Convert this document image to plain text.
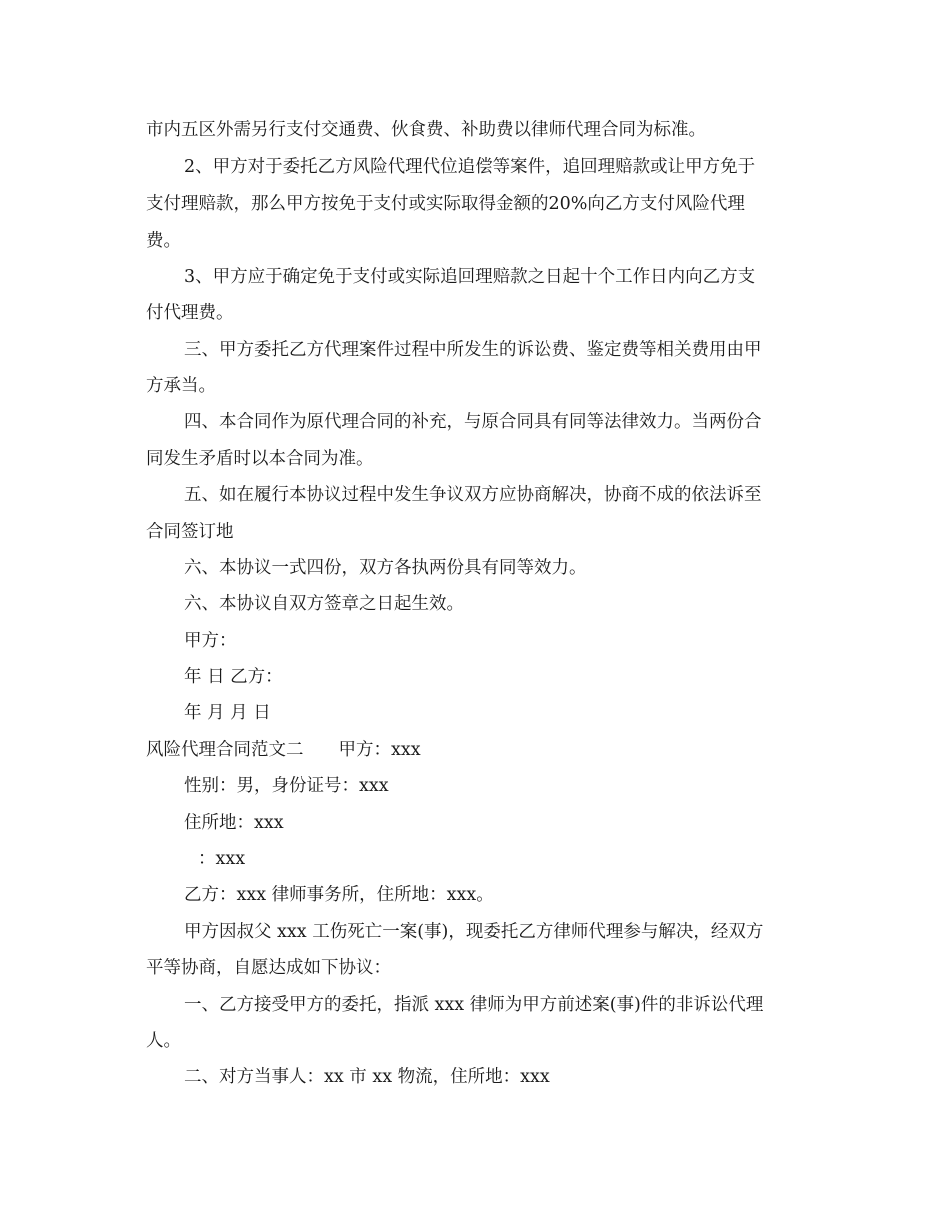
市内五区外需另行支付交通费、伙食费、补助费以律师代理合同为标准。
2、甲方对于委托乙方风险代理代位追偿等案件，追回理赔款或让甲方免于
支付理赔款，那么甲方按免于支付或实际取得金额的20%向乙方支付风险代理
费。
3、甲方应于确定免于支付或实际追回理赔款之日起十个工作日内向乙方支
付代理费。
三、甲方委托乙方代理案件过程中所发生的诉讼费、鉴定费等相关费用由甲
方承当。
四、本合同作为原代理合同的补充，与原合同具有同等法律效力。当两份合
同发生矛盾时以本合同为准。
五、如在履行本协议过程中发生争议双方应协商解决，协商不成的依法诉至
合同签订地
六、本协议一式四份，双方各执两份具有同等效力。
六、本协议自双方签章之日起生效。
甲方：
年 日 乙方：
年 月 月 日
风险代理合同范文二　　甲方：xxx
性别：男，身份证号：xxx
住所地：xxx
：xxx
乙方：xxx 律师事务所，住所地：xxx。
甲方因叔父 xxx 工伤死亡一案(事)，现委托乙方律师代理参与解决，经双方
平等协商，自愿达成如下协议：
一、乙方接受甲方的委托，指派 xxx 律师为甲方前述案(事)件的非诉讼代理
人。
二、对方当事人：xx 市 xx 物流，住所地：xxx
